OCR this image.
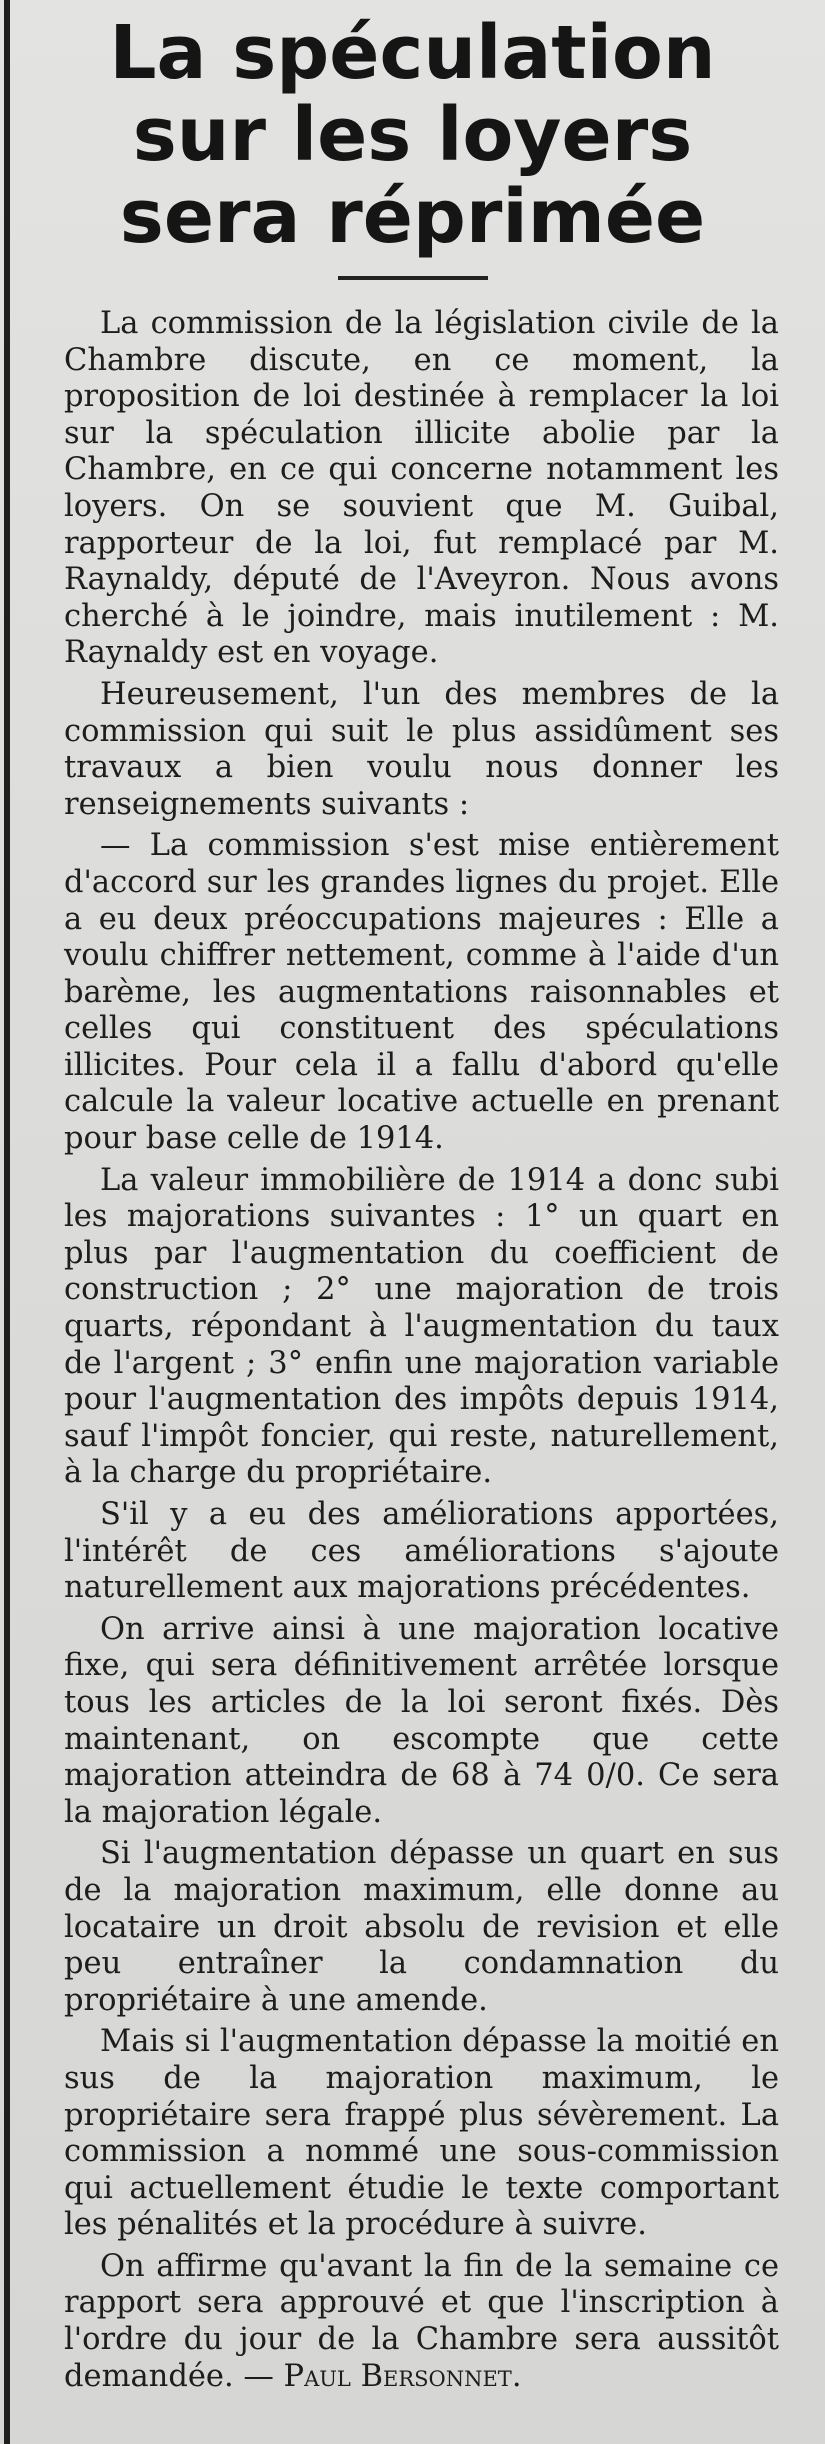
La spéculation
sur les loyers
sera réprimée

La commission de la législation civile de la Chambre discute, en ce moment, la proposition de loi destinée à remplacer la loi sur la spéculation illicite abolie par la Chambre, en ce qui concerne notamment les loyers. On se souvient que M. Guibal, rapporteur de la loi, fut remplacé par M. Raynaldy, député de l'Aveyron. Nous avons cherché à le joindre, mais inutilement : M. Raynaldy est en voyage.

Heureusement, l'un des membres de la commission qui suit le plus assidûment ses travaux a bien voulu nous donner les renseignements suivants :

— La commission s'est mise entièrement d'accord sur les grandes lignes du projet. Elle a eu deux préoccupations majeures : Elle a voulu chiffrer nettement, comme à l'aide d'un barème, les augmentations raisonnables et celles qui constituent des spéculations illicites. Pour cela il a fallu d'abord qu'elle calcule la valeur locative actuelle en prenant pour base celle de 1914.

La valeur immobilière de 1914 a donc subi les majorations suivantes : 1° un quart en plus par l'augmentation du coefficient de construction ; 2° une majoration de trois quarts, répondant à l'augmentation du taux de l'argent ; 3° enfin une majoration variable pour l'augmentation des impôts depuis 1914, sauf l'impôt foncier, qui reste, naturellement, à la charge du propriétaire.

S'il y a eu des améliorations apportées, l'intérêt de ces améliorations s'ajoute naturellement aux majorations précédentes.

On arrive ainsi à une majoration locative fixe, qui sera définitivement arrêtée lorsque tous les articles de la loi seront fixés. Dès maintenant, on escompte que cette majoration atteindra de 68 à 74 0/0. Ce sera la majoration légale.

Si l'augmentation dépasse un quart en sus de la majoration maximum, elle donne au locataire un droit absolu de revision et elle peu entraîner la condamnation du propriétaire à une amende.

Mais si l'augmentation dépasse la moitié en sus de la majoration maximum, le propriétaire sera frappé plus sévèrement. La commission a nommé une sous-commission qui actuellement étudie le texte comportant les pénalités et la procédure à suivre.

On affirme qu'avant la fin de la semaine ce rapport sera approuvé et que l'inscription à l'ordre du jour de la Chambre sera aussitôt demandée. — Paul Bersonnet.
